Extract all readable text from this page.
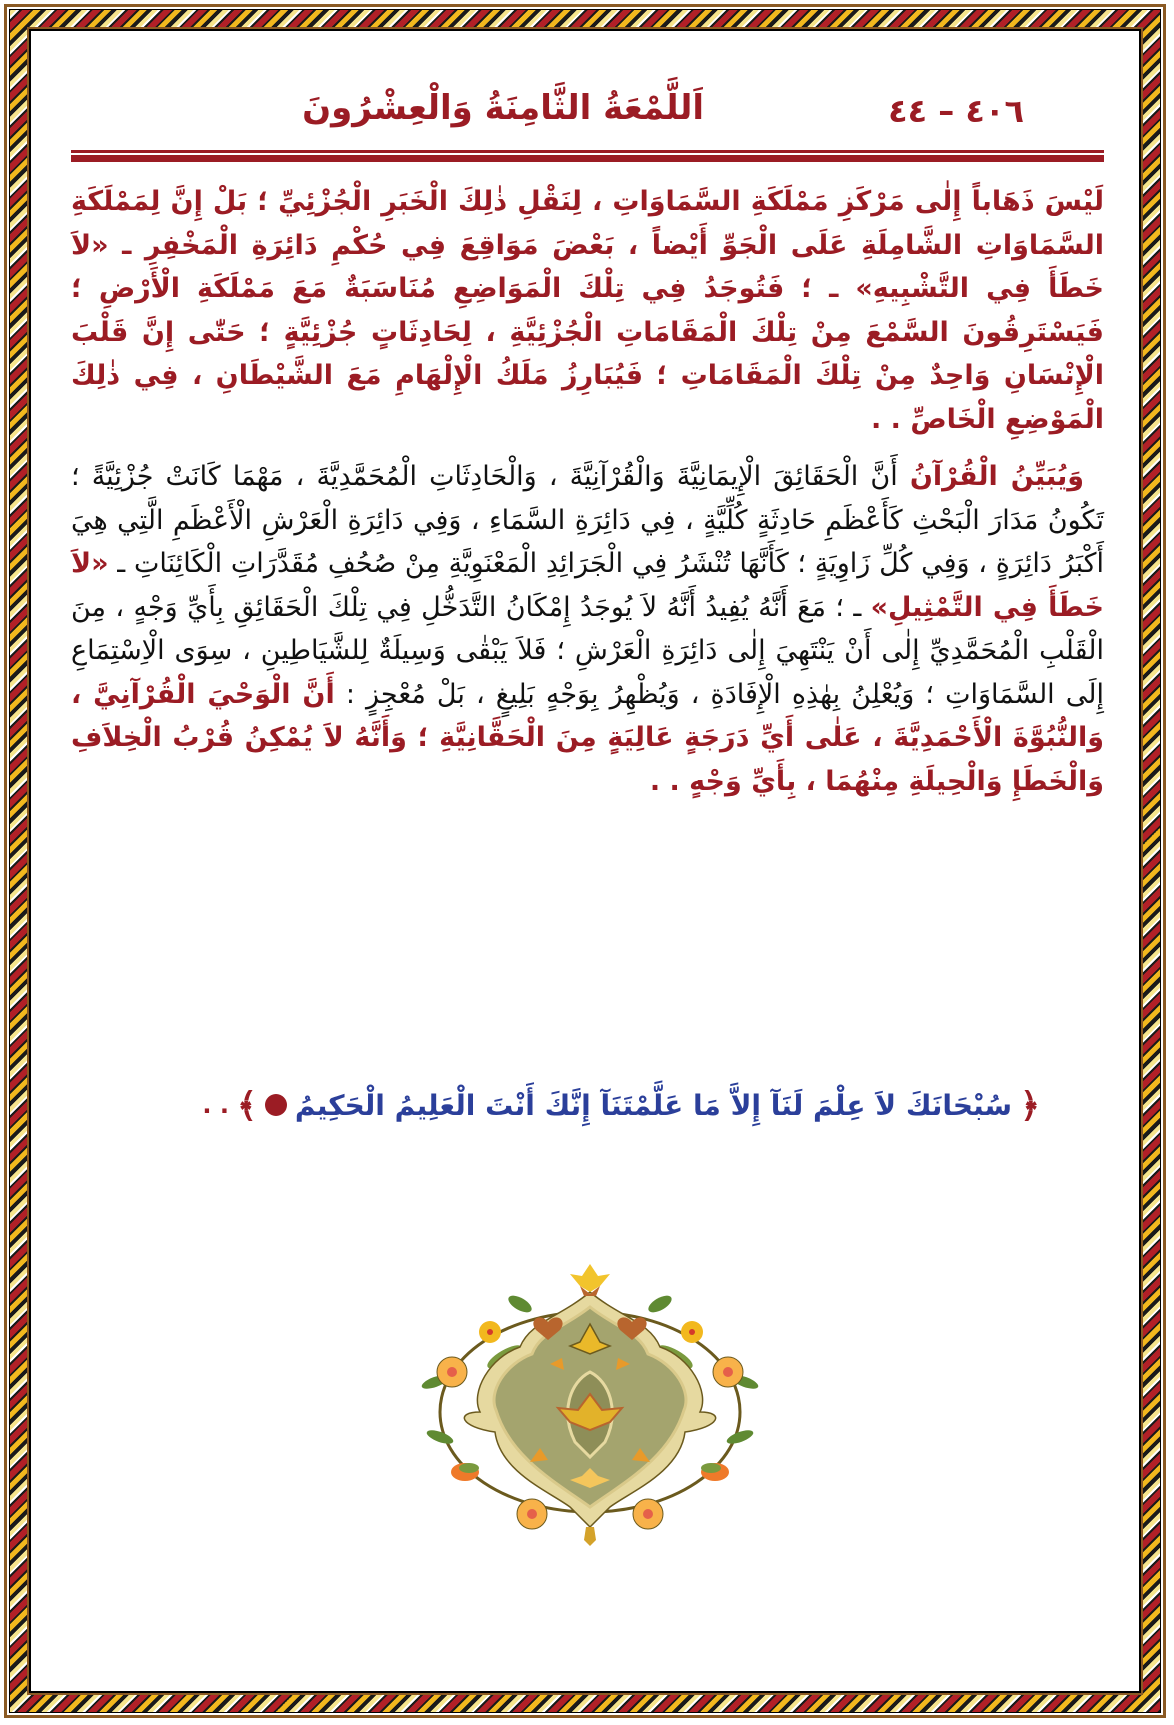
٤٠٦ – ٤٤
اَللَّمْعَةُ الثَّامِنَةُ وَالْعِشْرُونَ

لَيْسَ ذَهَاباً إِلٰى مَرْكَزِ مَمْلَكَةِ السَّمَاوَاتِ ، لِنَقْلِ ذٰلِكَ الْخَبَرِ الْجُزْئِيِّ ؛ بَلْ إِنَّ لِمَمْلَكَةِ السَّمَاوَاتِ الشَّامِلَةِ عَلَى الْجَوِّ أَيْضاً ، بَعْضَ مَوَاقِعَ فِي حُكْمِ دَائِرَةِ الْمَخْفِرِ ـ «لاَ خَطَأَ فِي التَّشْبِيهِ» ـ ؛ فَتُوجَدُ فِي تِلْكَ الْمَوَاضِعِ مُنَاسَبَةٌ مَعَ مَمْلَكَةِ الْأَرْضِ ؛ فَيَسْتَرِقُونَ السَّمْعَ مِنْ تِلْكَ الْمَقَامَاتِ الْجُزْئِيَّةِ ، لِحَادِثَاتٍ جُزْئِيَّةٍ ؛ حَتّٰى إِنَّ قَلْبَ الْإِنْسَانِ وَاحِدٌ مِنْ تِلْكَ الْمَقَامَاتِ ؛ فَيُبَارِزُ مَلَكُ الْإِلْهَامِ مَعَ الشَّيْطَانِ ، فِي ذٰلِكَ الْمَوْضِعِ الْخَاصِّ . .

وَيُبَيِّنُ الْقُرْآنُ أَنَّ الْحَقَائِقَ الْإِيمَانِيَّةَ وَالْقُرْآنِيَّةَ ، وَالْحَادِثَاتِ الْمُحَمَّدِيَّةَ ، مَهْمَا كَانَتْ جُزْئِيَّةً ؛ تَكُونُ مَدَارَ الْبَحْثِ كَأَعْظَمِ حَادِثَةٍ كُلِّيَّةٍ ، فِي دَائِرَةِ السَّمَاءِ ، وَفِي دَائِرَةِ الْعَرْشِ الْأَعْظَمِ الَّتِي هِيَ أَكْبَرُ دَائِرَةٍ ، وَفِي كُلِّ زَاوِيَةٍ ؛ كَأَنَّهَا تُنْشَرُ فِي الْجَرَائِدِ الْمَعْنَوِيَّةِ مِنْ صُحُفِ مُقَدَّرَاتِ الْكَائِنَاتِ ـ «لاَ خَطَأَ فِي التَّمْثِيلِ» ـ ؛ مَعَ أَنَّهُ يُفِيدُ أَنَّهُ لاَ يُوجَدُ إِمْكَانُ التَّدَخُّلِ فِي تِلْكَ الْحَقَائِقِ بِأَيِّ وَجْهٍ ، مِنَ الْقَلْبِ الْمُحَمَّدِيِّ إِلٰى أَنْ يَنْتَهِيَ إِلٰى دَائِرَةِ الْعَرْشِ ؛ فَلاَ يَبْقٰى وَسِيلَةٌ لِلشَّيَاطِينِ ، سِوَى الْاِسْتِمَاعِ إِلَى السَّمَاوَاتِ ؛ وَيُعْلِنُ بِهٰذِهِ الْإِفَادَةِ ، وَيُظْهِرُ بِوَجْهٍ بَلِيغٍ ، بَلْ مُعْجِزٍ : أَنَّ الْوَحْيَ الْقُرْآنِيَّ ، وَالنُّبُوَّةَ الْأَحْمَدِيَّةَ ، عَلٰى أَيِّ دَرَجَةٍ عَالِيَةٍ مِنَ الْحَقَّانِيَّةِ ؛ وَأَنَّهُ لاَ يُمْكِنُ قُرْبُ الْخِلاَفِ وَالْخَطَإِ وَالْحِيلَةِ مِنْهُمَا ، بِأَيِّ وَجْهٍ . .

﴿
سُبْحَانَكَ لاَ عِلْمَ لَنَآ إِلاَّ مَا عَلَّمْتَنَآ إِنَّكَ أَنْتَ الْعَلِيمُ الْحَكِيمُ
﴾
. .
